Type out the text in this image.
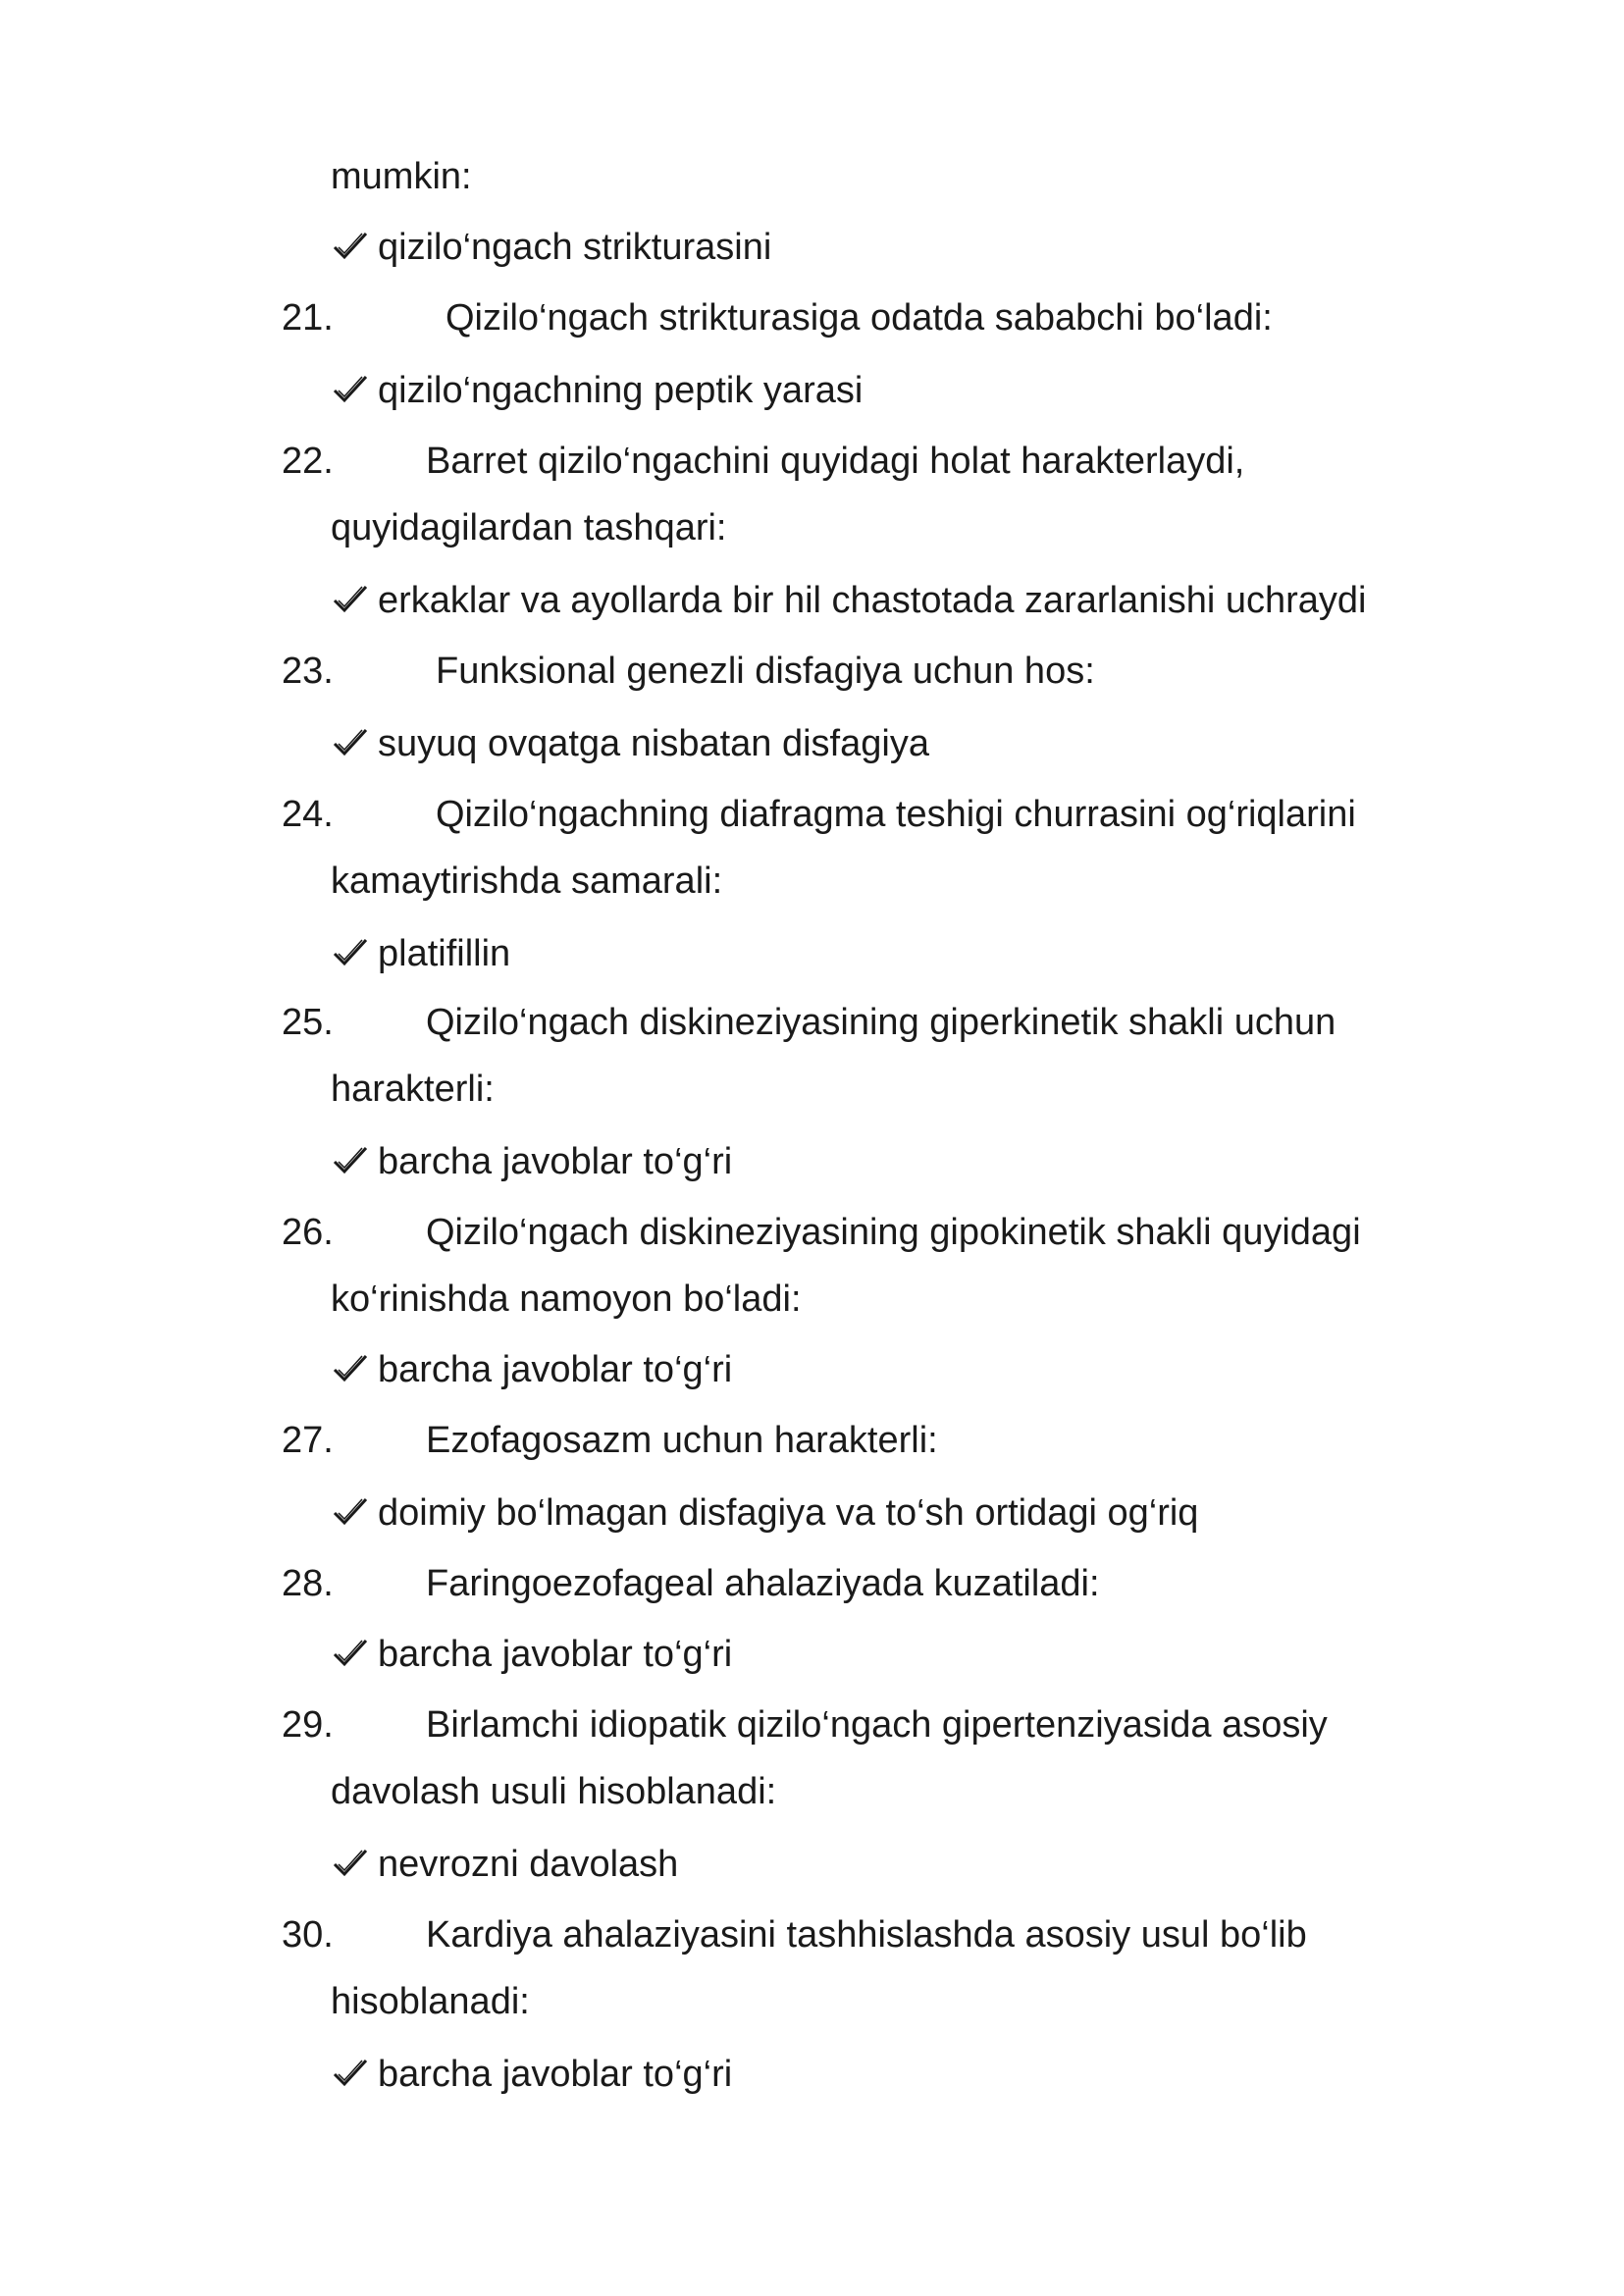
mumkin:
qizilo‘ngach strikturasini
21.	Qizilo‘ngach strikturasiga odatda sababchi bo‘ladi:
qizilo‘ngachning peptik yarasi
22. Barret qizilo‘ngachini quyidagi holat harakterlaydi,
quyidagilardan tashqari:
erkaklar va ayollarda bir hil chastotada zararlanishi uchraydi
23.	Funksional genezli disfagiya uchun hos:
suyuq ovqatga nisbatan disfagiya
24.	Qizilo‘ngachning diafragma teshigi churrasini og‘riqlarini
kamaytirishda samarali:
platifillin
25. Qizilo‘ngach diskineziyasining giperkinetik shakli uchun
harakterli:
barcha javoblar to‘g‘ri
26. Qizilo‘ngach diskineziyasining gipokinetik shakli quyidagi
ko‘rinishda namoyon bo‘ladi:
barcha javoblar to‘g‘ri
27. Ezofagosazm uchun harakterli:
doimiy bo‘lmagan disfagiya va to‘sh ortidagi og‘riq
28. Faringoezofageal ahalaziyada kuzatiladi:
barcha javoblar to‘g‘ri
29. Birlamchi idiopatik qizilo‘ngach gipertenziyasida asosiy
davolash usuli hisoblanadi:
nevrozni davolash
30. Kardiya ahalaziyasini tashhislashda asosiy usul bo‘lib
hisoblanadi:
barcha javoblar to‘g‘ri
